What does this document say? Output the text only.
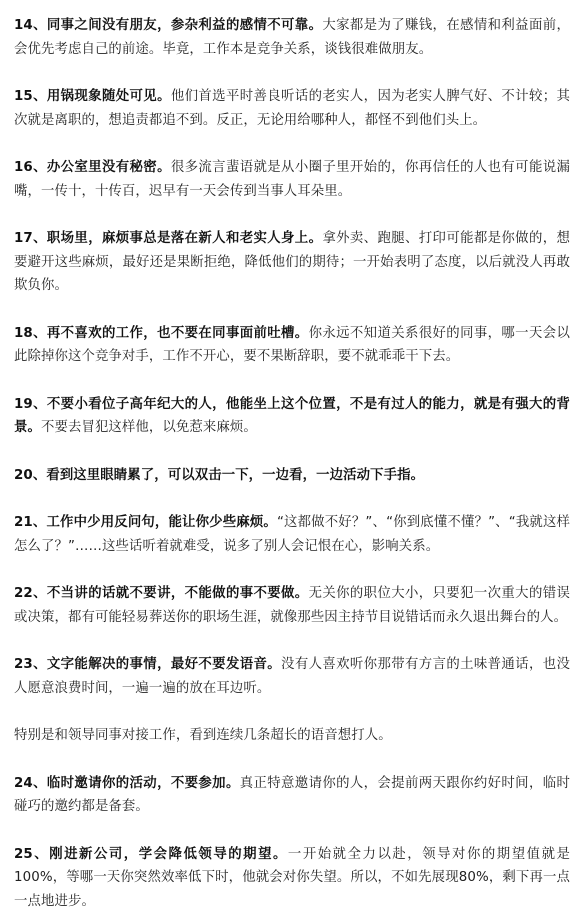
14、同事之间没有朋友，参杂利益的感情不可靠。大家都是为了赚钱，在感情和利益面前，会优先考虑自己的前途。毕竟，工作本是竞争关系，谈钱很难做朋友。

15、用锅现象随处可见。他们首选平时善良听话的老实人，因为老实人脾气好、不计较；其次就是离职的，想追责都追不到。反正，无论用给哪种人，都怪不到他们头上。

16、办公室里没有秘密。很多流言蜚语就是从小圈子里开始的，你再信任的人也有可能说漏嘴，一传十，十传百，迟早有一天会传到当事人耳朵里。

17、职场里，麻烦事总是落在新人和老实人身上。拿外卖、跑腿、打印可能都是你做的，想要避开这些麻烦，最好还是果断拒绝，降低他们的期待；一开始表明了态度，以后就没人再敢欺负你。

18、再不喜欢的工作，也不要在同事面前吐槽。你永远不知道关系很好的同事，哪一天会以此除掉你这个竞争对手，工作不开心，要不果断辞职，要不就乖乖干下去。

19、不要小看位子高年纪大的人，他能坐上这个位置，不是有过人的能力，就是有强大的背景。不要去冒犯这样他，以免惹来麻烦。

20、看到这里眼睛累了，可以双击一下，一边看，一边活动下手指。

21、工作中少用反问句，能让你少些麻烦。“这都做不好？”、“你到底懂不懂？”、“我就这样怎么了？”……这些话听着就难受，说多了别人会记恨在心，影响关系。

22、不当讲的话就不要讲，不能做的事不要做。无关你的职位大小，只要犯一次重大的错误或决策，都有可能轻易葬送你的职场生涯，就像那些因主持节目说错话而永久退出舞台的人。

23、文字能解决的事情，最好不要发语音。没有人喜欢听你那带有方言的土味普通话，也没人愿意浪费时间，一遍一遍的放在耳边听。

特别是和领导同事对接工作，看到连续几条超长的语音想打人。

24、临时邀请你的活动，不要参加。真正特意邀请你的人，会提前两天跟你约好时间，临时碰巧的邀约都是备套。

25、刚进新公司，学会降低领导的期望。一开始就全力以赴，领导对你的期望值就是100%，等哪一天你突然效率低下时，他就会对你失望。所以，不如先展现80%，剩下再一点一点地进步。
